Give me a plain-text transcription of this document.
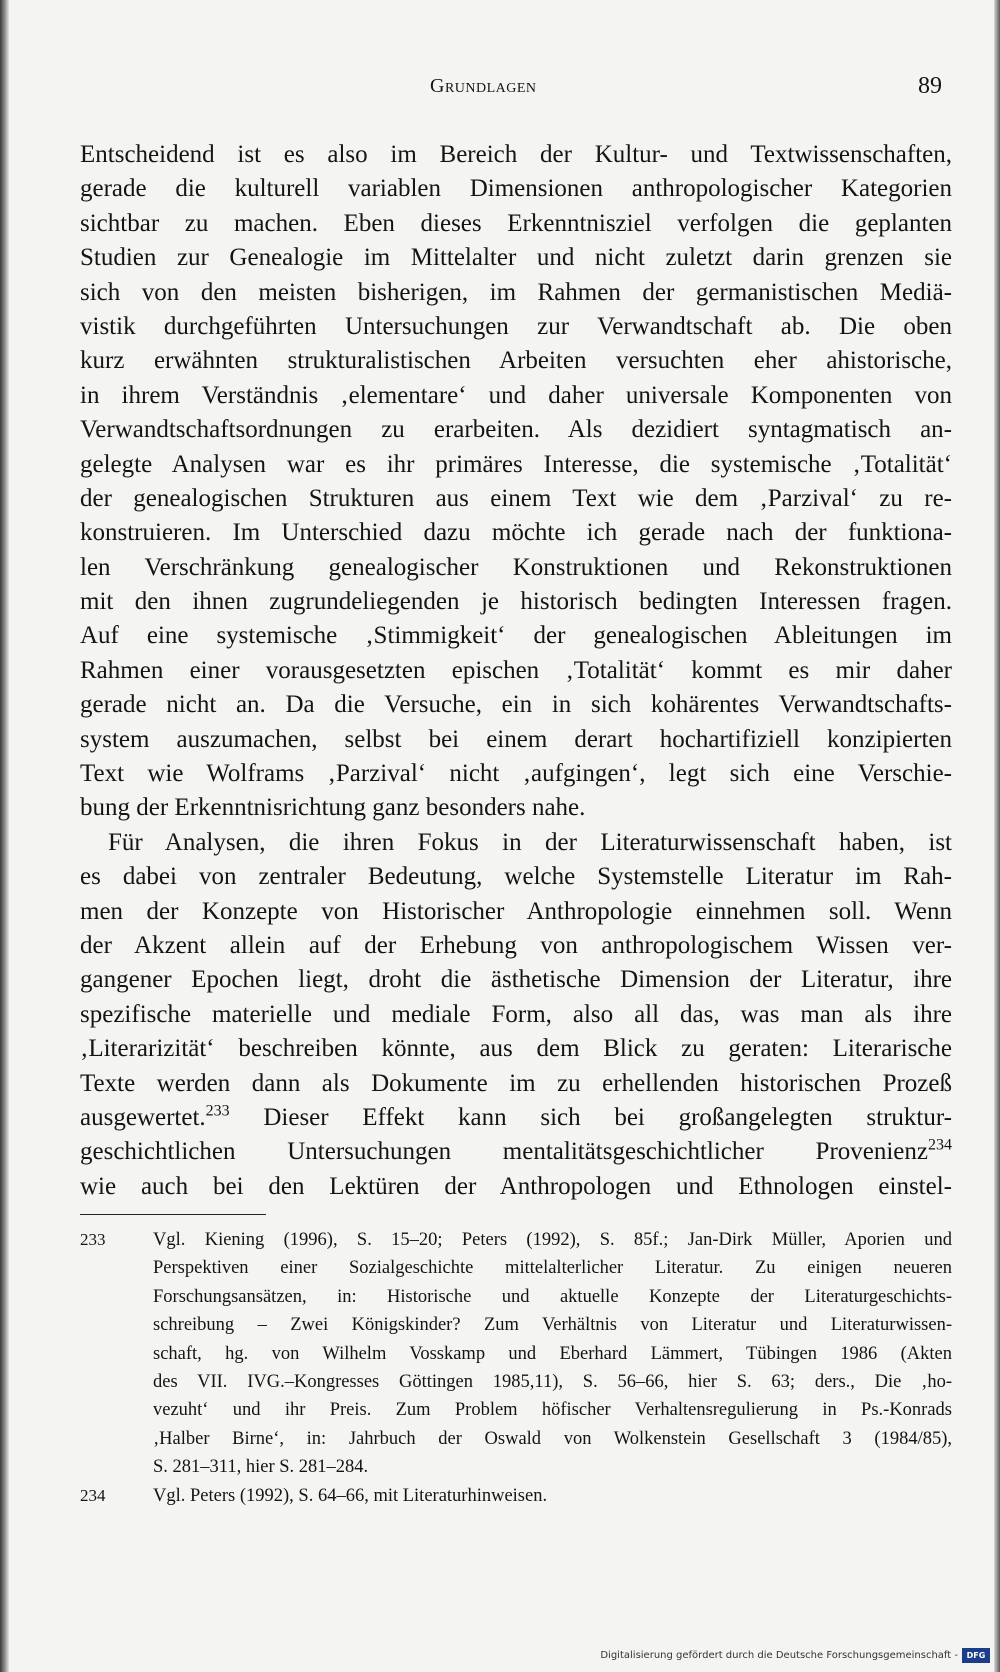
Grundlagen	89
Entscheidend ist es also im Bereich der Kultur- und Textwissenschaften,
gerade die kulturell variablen Dimensionen anthropologischer Kategorien
sichtbar zu machen. Eben dieses Erkenntnisziel verfolgen die geplanten
Studien zur Genealogie im Mittelalter und nicht zuletzt darin grenzen sie
sich von den meisten bisherigen, im Rahmen der germanistischen Mediä-
vistik durchgeführten Untersuchungen zur Verwandtschaft ab. Die oben
kurz erwähnten strukturalistischen Arbeiten versuchten eher ahistorische,
in ihrem Verständnis ‚elementare‘ und daher universale Komponenten von
Verwandtschaftsordnungen zu erarbeiten. Als dezidiert syntagmatisch an-
gelegte Analysen war es ihr primäres Interesse, die systemische ‚Totalität‘
der genealogischen Strukturen aus einem Text wie dem ‚Parzival‘ zu re-
konstruieren. Im Unterschied dazu möchte ich gerade nach der funktiona-
len Verschränkung genealogischer Konstruktionen und Rekonstruktionen
mit den ihnen zugrundeliegenden je historisch bedingten Interessen fragen.
Auf eine systemische ‚Stimmigkeit‘ der genealogischen Ableitungen im
Rahmen einer vorausgesetzten epischen ‚Totalität‘ kommt es mir daher
gerade nicht an. Da die Versuche, ein in sich kohärentes Verwandtschafts-
system auszumachen, selbst bei einem derart hochartifiziell konzipierten
Text wie Wolframs ‚Parzival‘ nicht ‚aufgingen‘, legt sich eine Verschie-
bung der Erkenntnisrichtung ganz besonders nahe.
Für Analysen, die ihren Fokus in der Literaturwissenschaft haben, ist
es dabei von zentraler Bedeutung, welche Systemstelle Literatur im Rah-
men der Konzepte von Historischer Anthropologie einnehmen soll. Wenn
der Akzent allein auf der Erhebung von anthropologischem Wissen ver-
gangener Epochen liegt, droht die ästhetische Dimension der Literatur, ihre
spezifische materielle und mediale Form, also all das, was man als ihre
‚Literarizität‘ beschreiben könnte, aus dem Blick zu geraten: Literarische
Texte werden dann als Dokumente im zu erhellenden historischen Prozeß
ausgewertet.$^{233}$ Dieser Effekt kann sich bei großangelegten struktur-
geschichtlichen Untersuchungen mentalitätsgeschichtlicher Provenienz$^{234}$
wie auch bei den Lektüren der Anthropologen und Ethnologen einstel-
233	Vgl. Kiening (1996), S. 15–20; Peters (1992), S. 85f.; Jan-Dirk Müller, Aporien und
Perspektiven einer Sozialgeschichte mittelalterlicher Literatur. Zu einigen neueren
Forschungsansätzen, in: Historische und aktuelle Konzepte der Literaturgeschichts-
schreibung – Zwei Königskinder? Zum Verhältnis von Literatur und Literaturwissen-
schaft, hg. von Wilhelm Vosskamp und Eberhard Lämmert, Tübingen 1986 (Akten
des VII. IVG.–Kongresses Göttingen 1985,11), S. 56–66, hier S. 63; ders., Die ‚ho-
vezuht‘ und ihr Preis. Zum Problem höfischer Verhaltensregulierung in Ps.-Konrads
‚Halber Birne‘, in: Jahrbuch der Oswald von Wolkenstein Gesellschaft 3 (1984/85),
S. 281–311, hier S. 281–284.
234	Vgl. Peters (1992), S. 64–66, mit Literaturhinweisen.
Digitalisierung gefördert durch die Deutsche Forschungsgemeinschaft -	DFG
